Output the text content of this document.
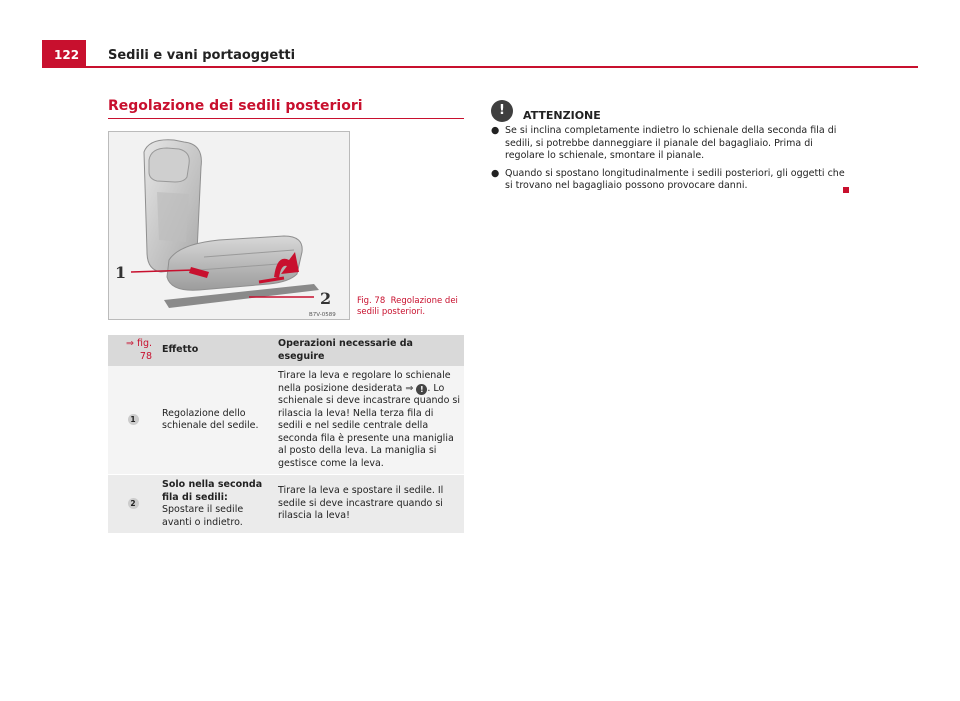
122	Sedili e vani portaoggetti
Regolazione dei sedili posteriori
1
2
B7V-0589
Fig. 78 Regolazione dei sedili posteriori.
⇒ fig. 78	Effetto	Operazioni necessarie da eseguire
1	Regolazione dello schienale del sedile.	Tirare la leva e regolare lo schienale nella posizione desiderata ⇒ ! . Lo schienale si deve incastrare quando si rilascia la leva! Nella terza fila di sedili e nel sedile centrale della seconda fila è presente una maniglia al posto della leva. La maniglia si gestisce come la leva.
2	Solo nella seconda fila di sedili: Spostare il sedile avanti o indietro.	Tirare la leva e spostare il sedile. Il sedile si deve incastrare quando si rilascia la leva!
!	ATTENZIONE
● Se si inclina completamente indietro lo schienale della seconda fila di sedili, si potrebbe danneggiare il pianale del bagagliaio. Prima di regolare lo schienale, smontare il pianale.
● Quando si spostano longitudinalmente i sedili posteriori, gli oggetti che si trovano nel bagagliaio possono provocare danni.
